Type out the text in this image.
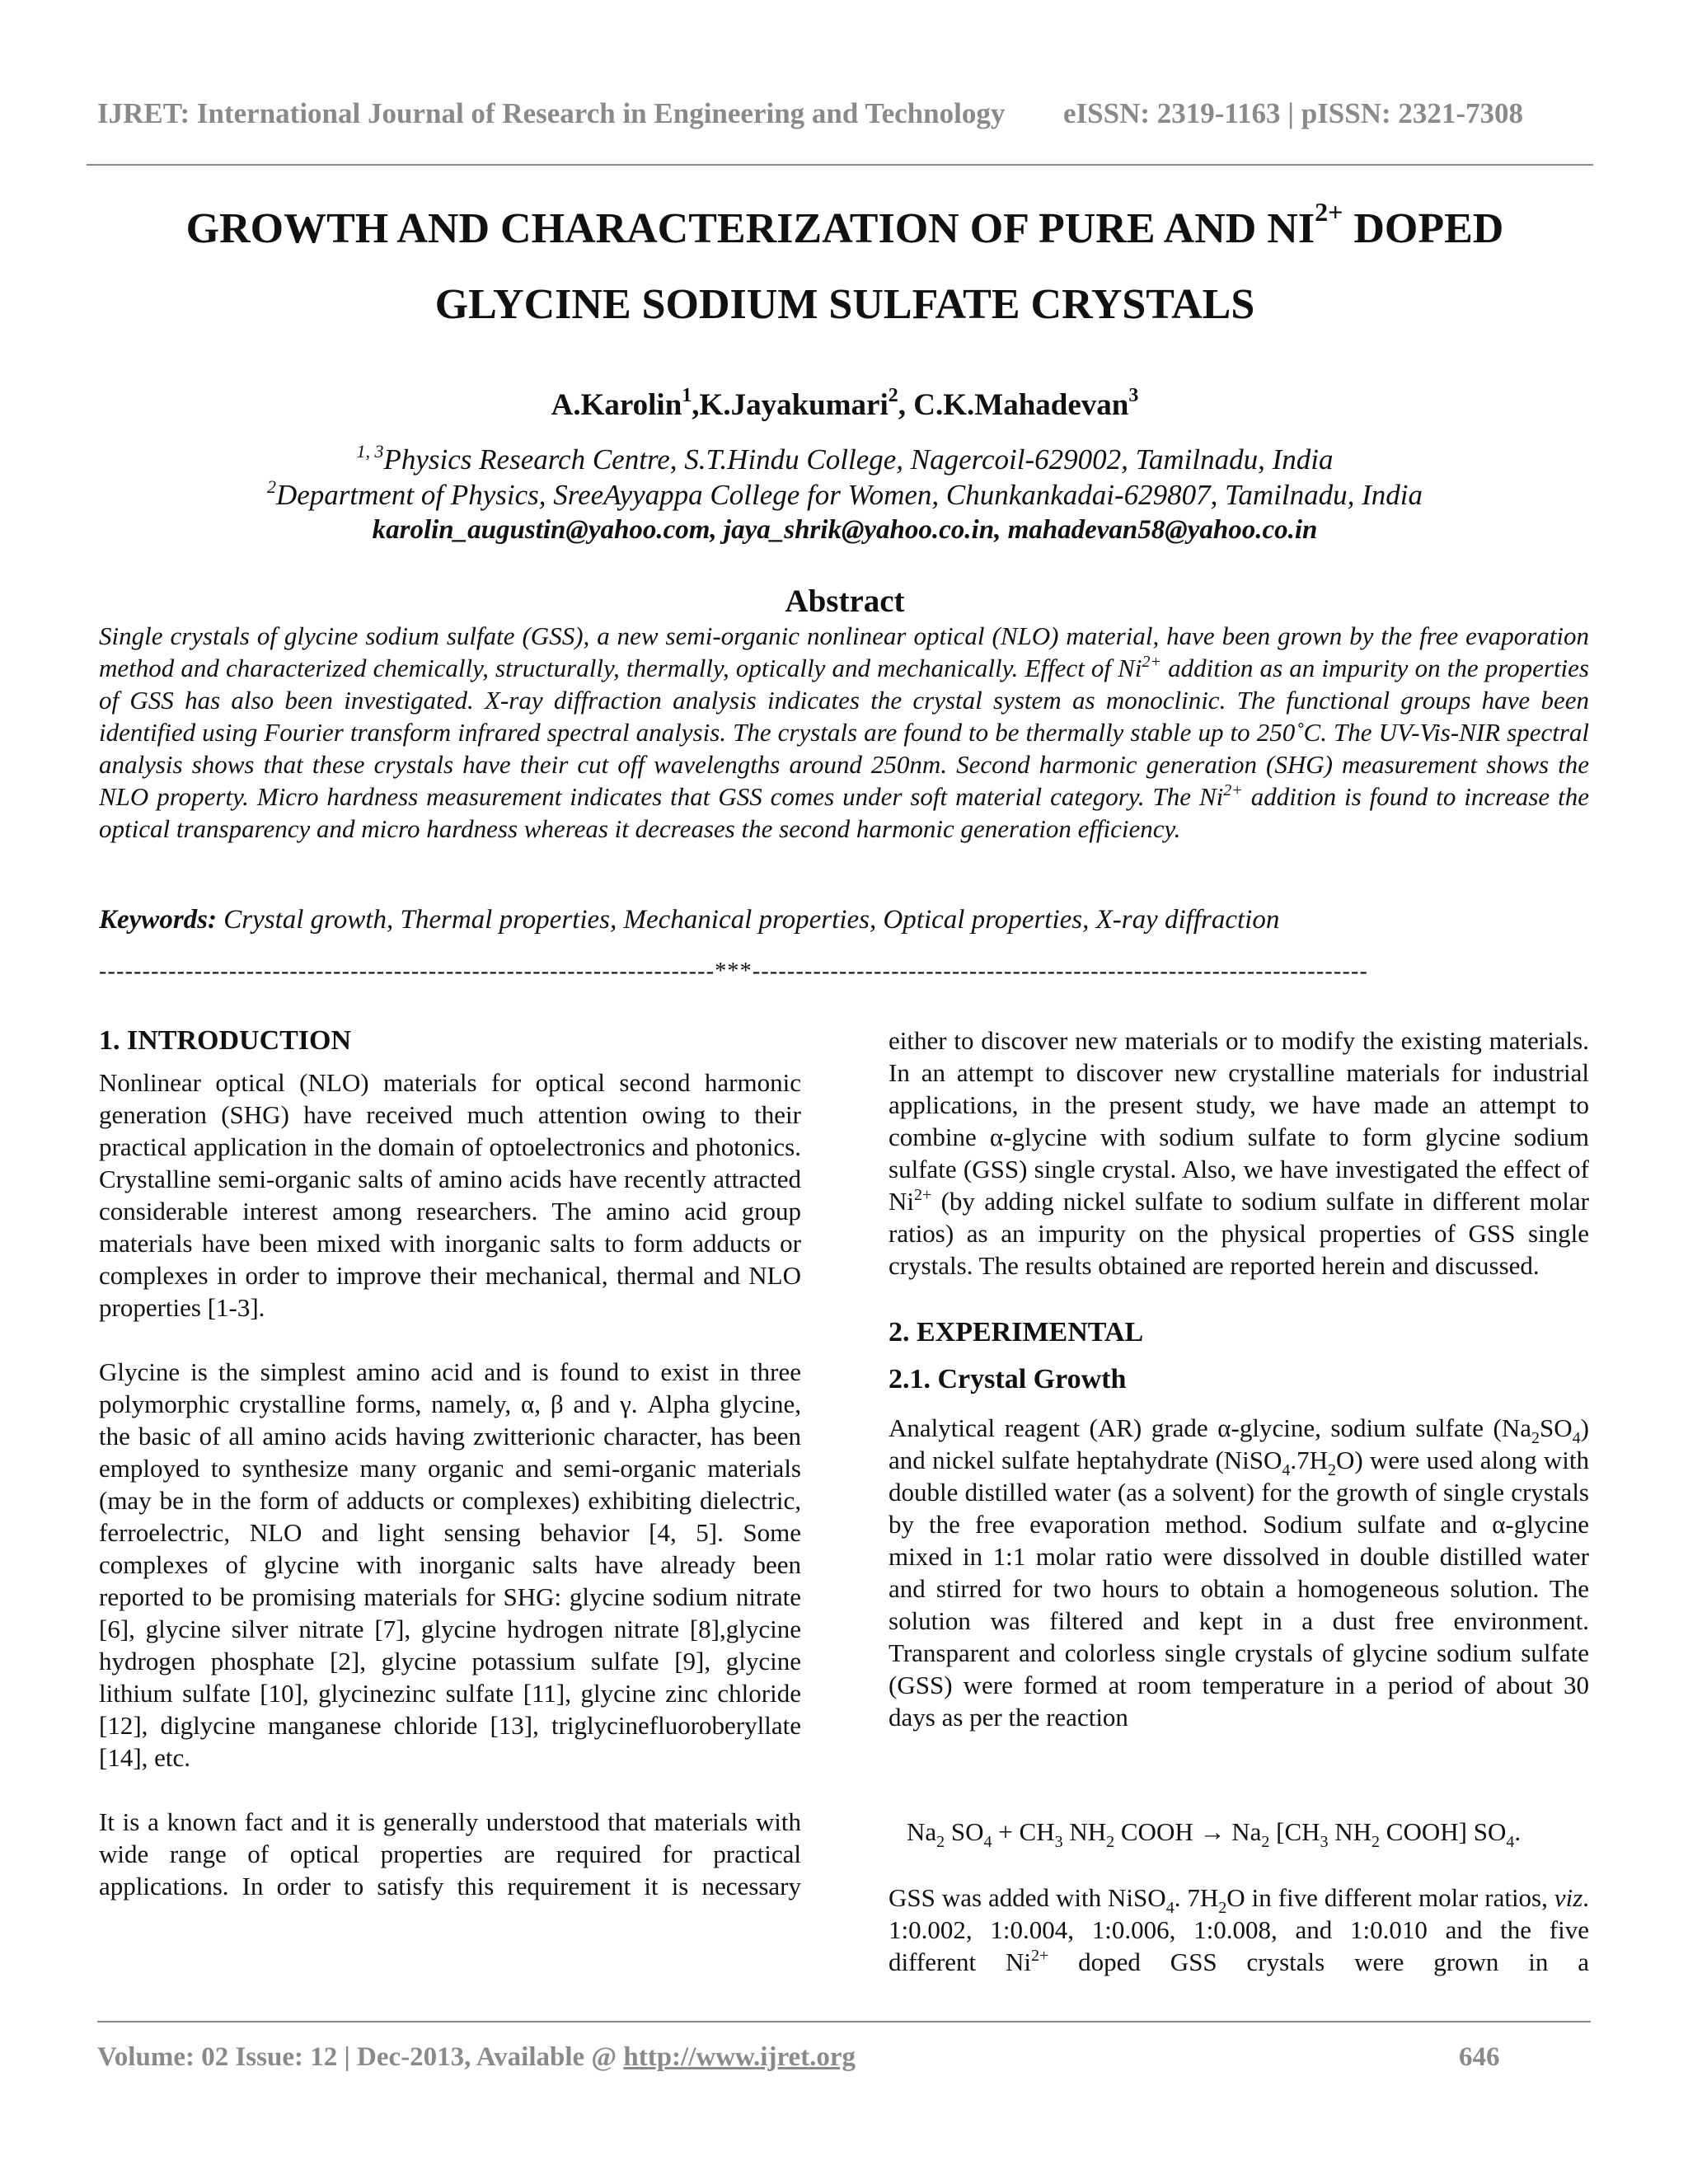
IJRET: International Journal of Research in Engineering and Technology eISSN: 2319-1163 | pISSN: 2321-7308
GROWTH AND CHARACTERIZATION OF PURE AND $NI^{2+}$ DOPED
GLYCINE SODIUM SULFATE CRYSTALS
A.Karolin$^1$,K.Jayakumari$^2$, C.K.Mahadevan$^3$
$^{1, 3}$Physics Research Centre, S.T.Hindu College, Nagercoil-629002, Tamilnadu, India
$^2$Department of Physics, SreeAyyappa College for Women, Chunkankadai-629807, Tamilnadu, India
karolin_augustin@yahoo.com, jaya_shrik@yahoo.co.in, mahadevan58@yahoo.co.in
Abstract
Single crystals of glycine sodium sulfate (GSS), a new semi-organic nonlinear optical (NLO) material, have been grown by the free evaporation method and characterized chemically, structurally, thermally, optically and mechanically. Effect of $Ni^{2+}$ addition as an impurity on the properties of GSS has also been investigated. X-ray diffraction analysis indicates the crystal system as monoclinic. The functional groups have been identified using Fourier transform infrared spectral analysis. The crystals are found to be thermally stable up to 250˚C. The UV-Vis-NIR spectral analysis shows that these crystals have their cut off wavelengths around 250nm. Second harmonic generation (SHG) measurement shows the NLO property. Micro hardness measurement indicates that GSS comes under soft material category. The $Ni^{2+}$ addition is found to increase the optical transparency and micro hardness whereas it decreases the second harmonic generation efficiency.
Keywords: Crystal growth, Thermal properties, Mechanical properties, Optical properties, X-ray diffraction
-----------------------------------------------------------------------***-----------------------------------------------------------------------
1. INTRODUCTION

Nonlinear optical (NLO) materials for optical second harmonic generation (SHG) have received much attention owing to their practical application in the domain of optoelectronics and photonics. Crystalline semi-organic salts of amino acids have recently attracted considerable interest among researchers. The amino acid group materials have been mixed with inorganic salts to form adducts or complexes in order to improve their mechanical, thermal and NLO properties [1-3].

Glycine is the simplest amino acid and is found to exist in three polymorphic crystalline forms, namely, α, β and γ. Alpha glycine, the basic of all amino acids having zwitterionic character, has been employed to synthesize many organic and semi-organic materials (may be in the form of adducts or complexes) exhibiting dielectric, ferroelectric, NLO and light sensing behavior [4, 5]. Some complexes of glycine with inorganic salts have already been reported to be promising materials for SHG: glycine sodium nitrate [6], glycine silver nitrate [7], glycine hydrogen nitrate [8],glycine hydrogen phosphate [2], glycine potassium sulfate [9], glycine lithium sulfate [10], glycinezinc sulfate [11], glycine zinc chloride [12], diglycine manganese chloride [13], triglycinefluoroberyllate [14], etc.

It is a known fact and it is generally understood that materials with wide range of optical properties are required for practical applications. In order to satisfy this requirement it is necessary

either to discover new materials or to modify the existing materials. In an attempt to discover new crystalline materials for industrial applications, in the present study, we have made an attempt to combine α-glycine with sodium sulfate to form glycine sodium sulfate (GSS) single crystal. Also, we have investigated the effect of $Ni^{2+}$ (by adding nickel sulfate to sodium sulfate in different molar ratios) as an impurity on the physical properties of GSS single crystals. The results obtained are reported herein and discussed.

2. EXPERIMENTAL
2.1. Crystal Growth

Analytical reagent (AR) grade α-glycine, sodium sulfate $(Na_2SO_4)$ and nickel sulfate heptahydrate $(NiSO_4.7H_2O)$ were used along with double distilled water (as a solvent) for the growth of single crystals by the free evaporation method. Sodium sulfate and α-glycine mixed in 1:1 molar ratio were dissolved in double distilled water and stirred for two hours to obtain a homogeneous solution. The solution was filtered and kept in a dust free environment. Transparent and colorless single crystals of glycine sodium sulfate (GSS) were formed at room temperature in a period of about 30 days as per the reaction

$Na_2$ $SO_4 + CH_3$ $NH_2$ COOH → $Na_2$ [$CH_3$ $NH_2$ COOH] $SO_4$.

GSS was added with NiSO$_4$. $7H_2O$ in five different molar ratios, viz. 1:0.002, 1:0.004, 1:0.006, 1:0.008, and 1:0.010 and the five different $Ni^{2+}$ doped GSS crystals were grown in a

Volume: 02 Issue: 12 | Dec-2013, Available @ http://www.ijret.org	646
